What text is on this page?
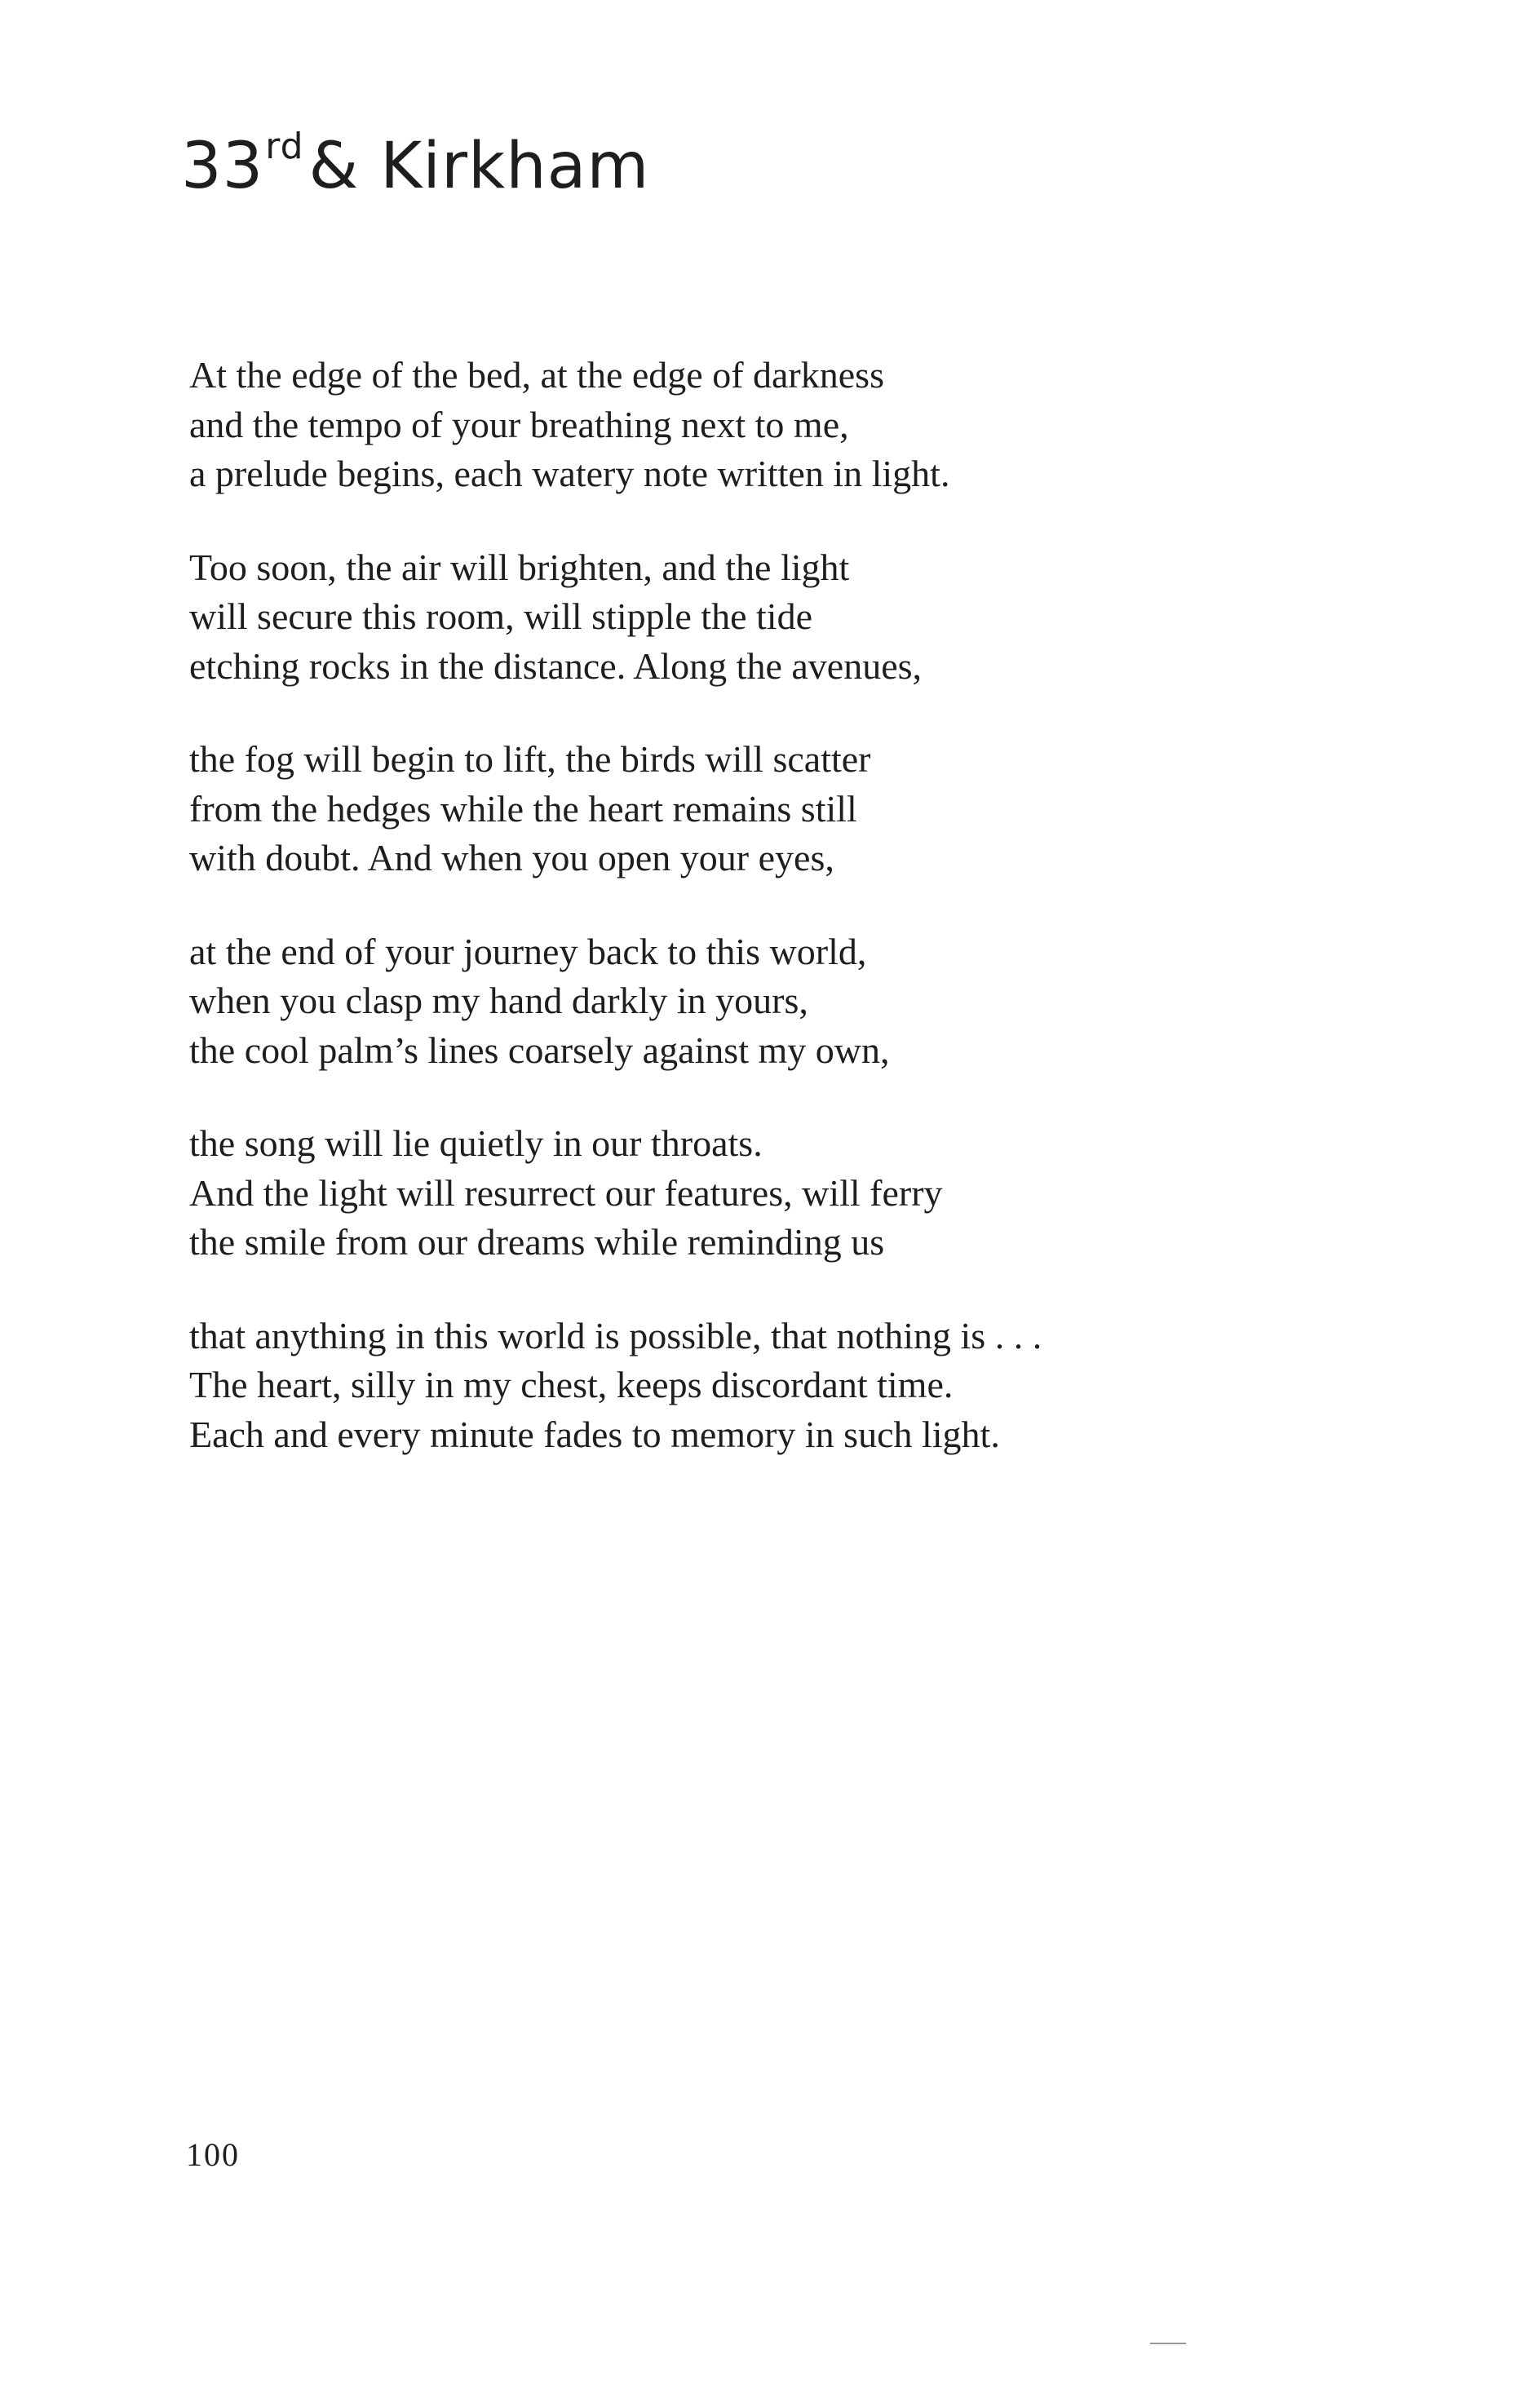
33rd& Kirkham

At the edge of the bed, at the edge of darkness
and the tempo of your breathing next to me,
a prelude begins, each watery note written in light.

Too soon, the air will brighten, and the light
will secure this room, will stipple the tide
etching rocks in the distance. Along the avenues,

the fog will begin to lift, the birds will scatter
from the hedges while the heart remains still
with doubt. And when you open your eyes,

at the end of your journey back to this world,
when you clasp my hand darkly in yours,
the cool palm’s lines coarsely against my own,

the song will lie quietly in our throats.
And the light will resurrect our features, will ferry
the smile from our dreams while reminding us

that anything in this world is possible, that nothing is . . .
The heart, silly in my chest, keeps discordant time.
Each and every minute fades to memory in such light.

100
